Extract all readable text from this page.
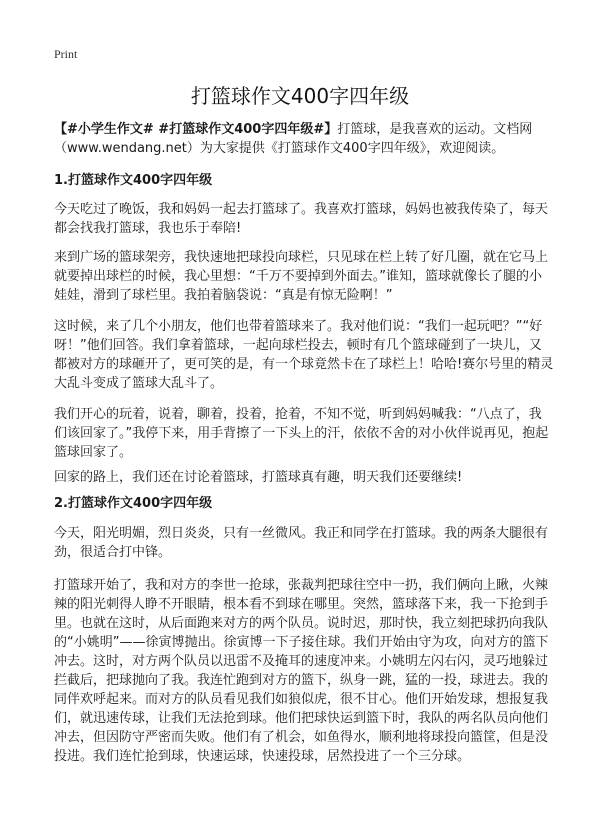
Print
打篮球作文400字四年级

【#小学生作文# #打篮球作文400字四年级#】打篮球，是我喜欢的运动。文档网（www.wendang.net）为大家提供《打篮球作文400字四年级》，欢迎阅读。

1.打篮球作文400字四年级

今天吃过了晚饭，我和妈妈一起去打篮球了。我喜欢打篮球，妈妈也被我传染了，每天都会找我打篮球，我也乐于奉陪!

来到广场的篮球架旁，我快速地把球投向球栏，只见球在栏上转了好几圈，就在它马上就要掉出球栏的时候，我心里想：“千万不要掉到外面去。”谁知，篮球就像长了腿的小娃娃，滑到了球栏里。我拍着脑袋说：“真是有惊无险啊！”

这时候，来了几个小朋友，他们也带着篮球来了。我对他们说：“我们一起玩吧？”“好呀！”他们回答。我们拿着篮球，一起向球栏投去，顿时有几个篮球碰到了一块儿，又都被对方的球砸开了，更可笑的是，有一个球竟然卡在了球栏上！哈哈!赛尔号里的精灵大乱斗变成了篮球大乱斗了。

我们开心的玩着，说着，聊着，投着，抢着，不知不觉，听到妈妈喊我：“八点了，我们该回家了。”我停下来，用手背擦了一下头上的汗，依依不舍的对小伙伴说再见，抱起篮球回家了。

回家的路上，我们还在讨论着篮球，打篮球真有趣，明天我们还要继续!

2.打篮球作文400字四年级

今天，阳光明媚，烈日炎炎，只有一丝微风。我正和同学在打篮球。我的两条大腿很有劲，很适合打中锋。

打篮球开始了，我和对方的李世一抢球，张裁判把球往空中一扔，我们俩向上瞅，火辣辣的阳光刺得人睁不开眼睛，根本看不到球在哪里。突然，篮球落下来，我一下抢到手里。也就在这时，从后面跑来对方的两个队员。说时迟，那时快，我立刻把球扔向我队的“小姚明”——徐寅博抛出。徐寅博一下子接住球。我们开始由守为攻，向对方的篮下冲去。这时，对方两个队员以迅雷不及掩耳的速度冲来。小姚明左闪右闪，灵巧地躲过拦截后，把球抛向了我。我连忙跑到对方的篮下，纵身一跳，猛的一投，球进去。我的同伴欢呼起来。而对方的队员看见我们如狼似虎，很不甘心。他们开始发球，想报复我们，就迅速传球，让我们无法抢到球。他们把球快运到篮下时，我队的两名队员向他们冲去，但因防守严密而失败。他们有了机会，如鱼得水，顺利地将球投向篮筐，但是没投进。我们连忙抢到球，快速运球，快速投球，居然投进了一个三分球。
